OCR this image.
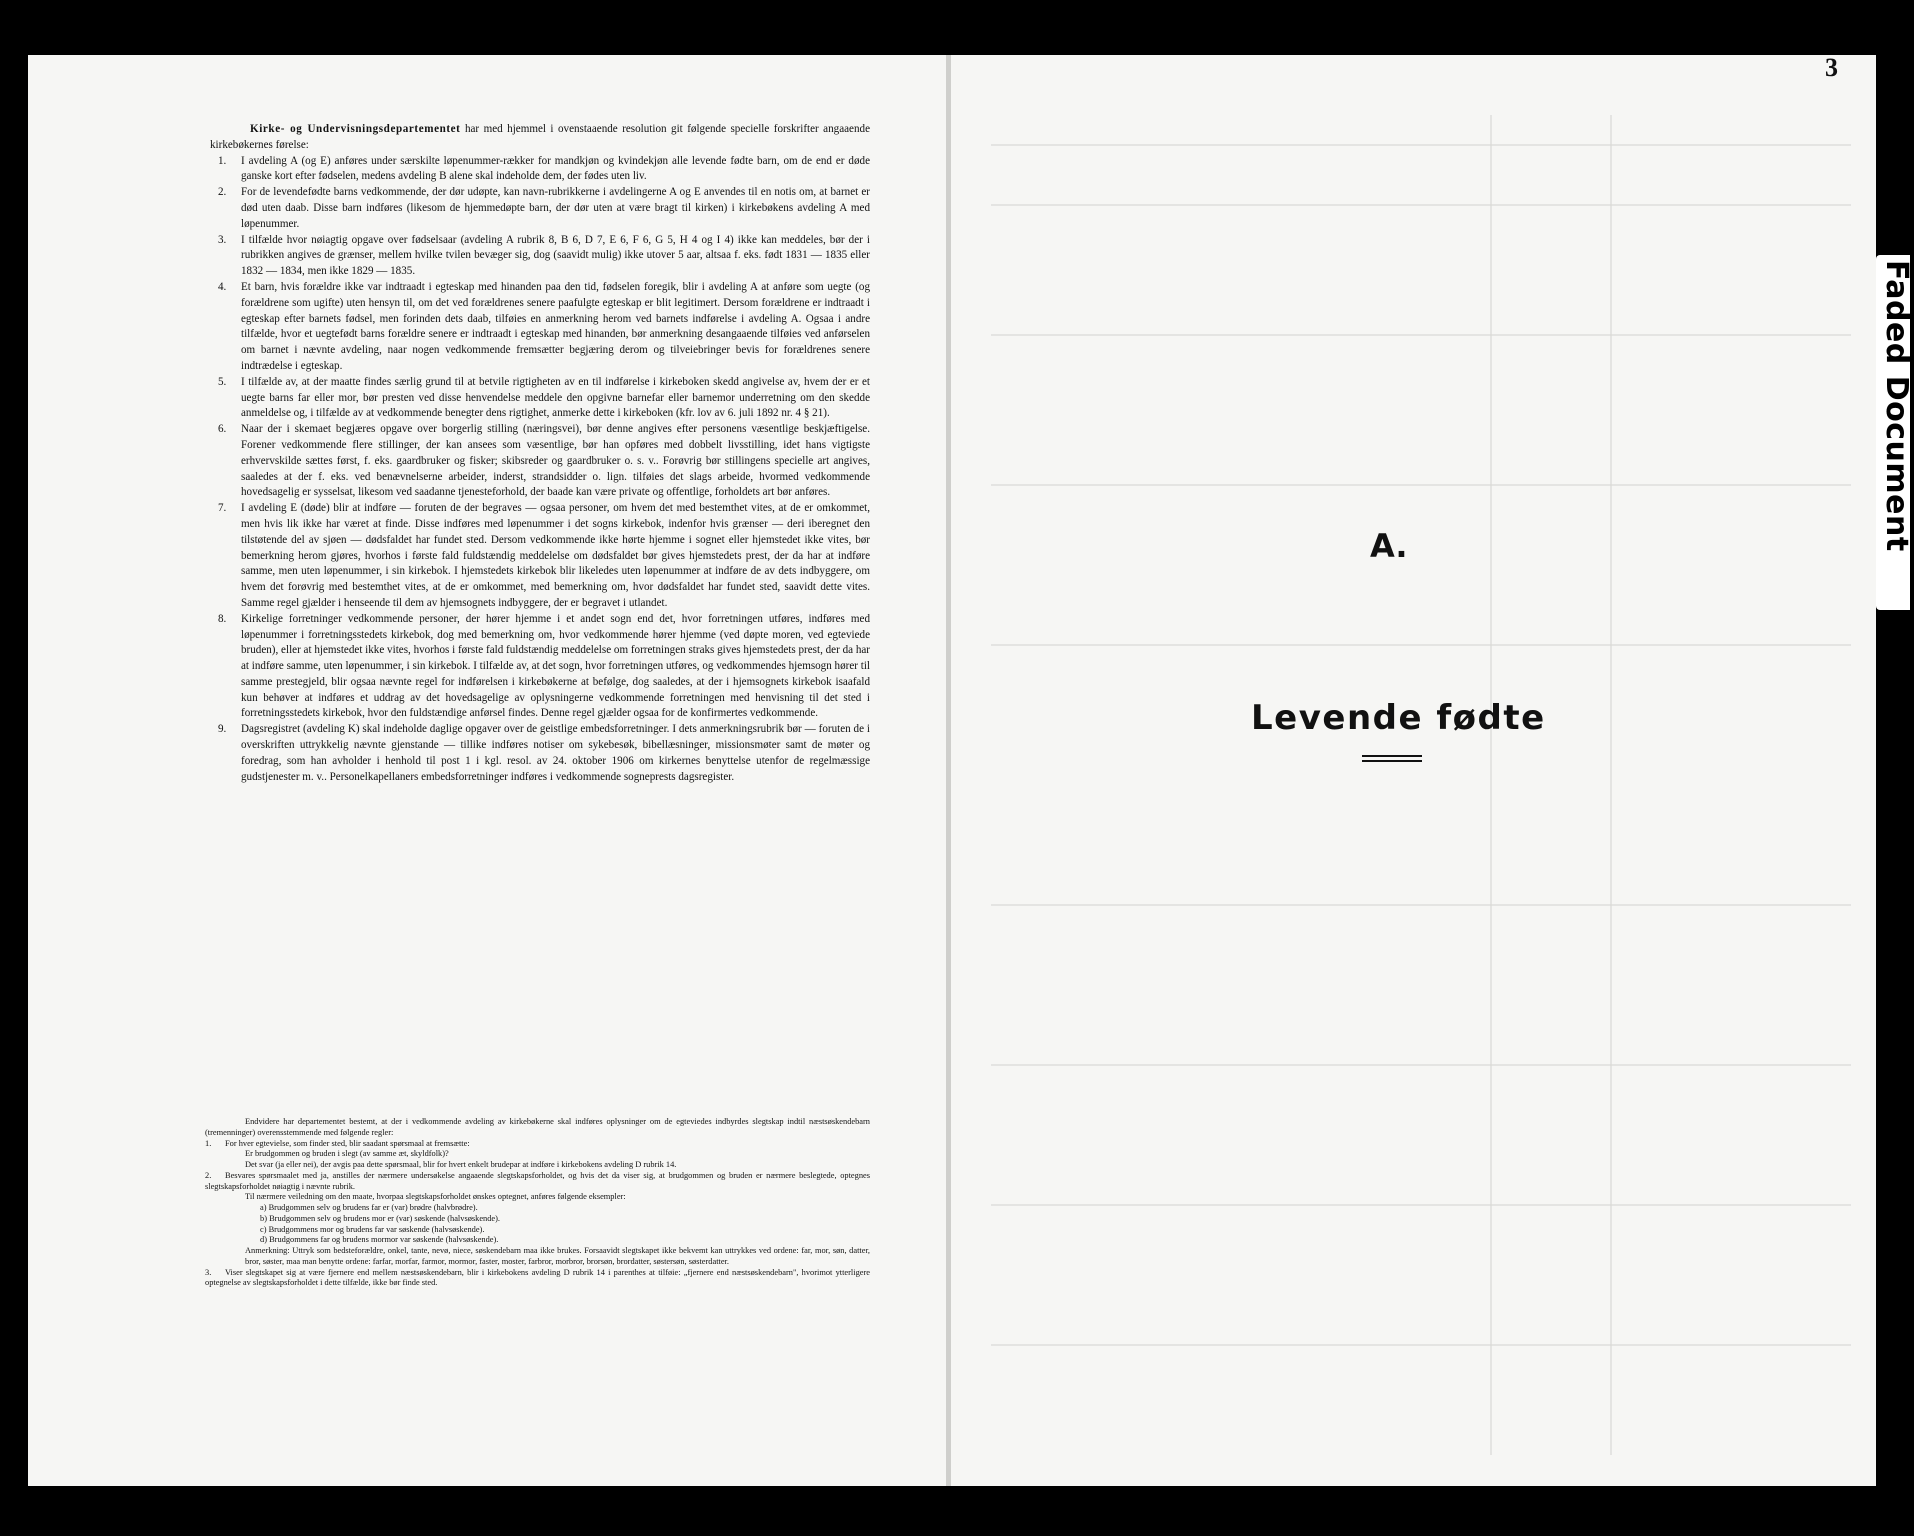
Kirke- og Undervisningsdepartementet har med hjemmel i ovenstaaende resolution git følgende specielle forskrifter angaaende kirkebøkernes førelse:

1. I avdeling A (og E) anføres under særskilte løpenummer-rækker for mandkjøn og kvindekjøn alle levende fødte barn, om de end er døde ganske kort efter fødselen, medens avdeling B alene skal indeholde dem, der fødes uten liv.
2. For de levendefødte barns vedkommende, der dør udøpte, kan navn-rubrikkerne i avdelingerne A og E anvendes til en notis om, at barnet er død uten daab. Disse barn indføres (likesom de hjemmedøpte barn, der dør uten at være bragt til kirken) i kirkebøkens avdeling A med løpenummer.
3. I tilfælde hvor nøiagtig opgave over fødselsaar (avdeling A rubrik 8, B 6, D 7, E 6, F 6, G 5, H 4 og I 4) ikke kan meddeles, bør der i rubrikken angives de grænser, mellem hvilke tvilen bevæger sig, dog (saavidt mulig) ikke utover 5 aar, altsaa f. eks. født 1831 — 1835 eller 1832 — 1834, men ikke 1829 — 1835.
4. Et barn, hvis forældre ikke var indtraadt i egteskap med hinanden paa den tid, fødselen foregik, blir i avdeling A at anføre som uegte (og forældrene som ugifte) uten hensyn til, om det ved forældrenes senere paafulgte egteskap er blit legitimert. Dersom forældrene er indtraadt i egteskap efter barnets fødsel, men forinden dets daab, tilføies en anmerkning herom ved barnets indførelse i avdeling A. Ogsaa i andre tilfælde, hvor et uegtefødt barns forældre senere er indtraadt i egteskap med hinanden, bør anmerkning desangaaende tilføies ved anførselen om barnet i nævnte avdeling, naar nogen vedkommende fremsætter begjæring derom og tilveiebringer bevis for forældrenes senere indtrædelse i egteskap.
5. I tilfælde av, at der maatte findes særlig grund til at betvile rigtigheten av en til indførelse i kirkeboken skedd angivelse av, hvem der er et uegte barns far eller mor, bør presten ved disse henvendelse meddele den opgivne barnefar eller barnemor underretning om den skedde anmeldelse og, i tilfælde av at vedkommende benegter dens rigtighet, anmerke dette i kirkeboken (kfr. lov av 6. juli 1892 nr. 4 § 21).
6. Naar der i skemaet begjæres opgave over borgerlig stilling (næringsvei), bør denne angives efter personens væsentlige beskjæftigelse. Forener vedkommende flere stillinger, der kan ansees som væsentlige, bør han opføres med dobbelt livsstilling, idet hans vigtigste erhvervskilde sættes først, f. eks. gaardbruker og fisker; skibsreder og gaardbruker o. s. v.. Forøvrig bør stillingens specielle art angives, saaledes at der f. eks. ved benævnelserne arbeider, inderst, strandsidder o. lign. tilføies det slags arbeide, hvormed vedkommende hovedsagelig er sysselsat, likesom ved saadanne tjenesteforhold, der baade kan være private og offentlige, forholdets art bør anføres.
7. I avdeling E (døde) blir at indføre — foruten de der begraves — ogsaa personer, om hvem det med bestemthet vites, at de er omkommet, men hvis lik ikke har været at finde. Disse indføres med løpenummer i det sogns kirkebok, indenfor hvis grænser — deri iberegnet den tilstøtende del av sjøen — dødsfaldet har fundet sted. Dersom vedkommende ikke hørte hjemme i sognet eller hjemstedet ikke vites, bør bemerkning herom gjøres, hvorhos i første fald fuldstændig meddelelse om dødsfaldet bør gives hjemstedets prest, der da har at indføre samme, men uten løpenummer, i sin kirkebok. I hjemstedets kirkebok blir likeledes uten løpenummer at indføre de av dets indbyggere, om hvem det forøvrig med bestemthet vites, at de er omkommet, med bemerkning om, hvor dødsfaldet har fundet sted, saavidt dette vites. Samme regel gjælder i henseende til dem av hjemsognets indbyggere, der er begravet i utlandet.
8. Kirkelige forretninger vedkommende personer, der hører hjemme i et andet sogn end det, hvor forretningen utføres, indføres med løpenummer i forretningsstedets kirkebok, dog med bemerkning om, hvor vedkommende hører hjemme (ved døpte moren, ved egteviede bruden), eller at hjemstedet ikke vites, hvorhos i første fald fuldstændig meddelelse om forretningen straks gives hjemstedets prest, der da har at indføre samme, uten løpenummer, i sin kirkebok. I tilfælde av, at det sogn, hvor forretningen utføres, og vedkommendes hjemsogn hører til samme prestegjeld, blir ogsaa nævnte regel for indførelsen i kirkebøkerne at befølge, dog saaledes, at der i hjemsognets kirkebok isaafald kun behøver at indføres et uddrag av det hovedsagelige av oplysningerne vedkommende forretningen med henvisning til det sted i forretningsstedets kirkebok, hvor den fuldstændige anførsel findes. Denne regel gjælder ogsaa for de konfirmertes vedkommende.
9. Dagsregistret (avdeling K) skal indeholde daglige opgaver over de geistlige embedsforretninger. I dets anmerkningsrubrik bør — foruten de i overskriften uttrykkelig nævnte gjenstande — tillike indføres notiser om sykebesøk, bibellæsninger, missionsmøter samt de møter og foredrag, som han avholder i henhold til post 1 i kgl. resol. av 24. oktober 1906 om kirkernes benyttelse utenfor de regelmæssige gudstjenester m. v.. Personelkapellaners embedsforretninger indføres i vedkommende sogneprests dagsregister.

Endvidere har departementet bestemt, at der i vedkommende avdeling av kirkebøkerne skal indføres oplysninger om de egteviedes indbyrdes slegtskap indtil næstsøskendebarn (tremenninger) overensstemmende med følgende regler:

1. For hver egtevielse, som finder sted, blir saadant spørsmaal at fremsætte:

Er brudgommen og bruden i slegt (av samme æt, skyldfolk)?

Det svar (ja eller nei), der avgis paa dette spørsmaal, blir for hvert enkelt brudepar at indføre i kirkebokens avdeling D rubrik 14.

2. Besvares spørsmaalet med ja, anstilles der nærmere undersøkelse angaaende slegtskapsforholdet, og hvis det da viser sig, at brudgommen og bruden er nærmere beslegtede, optegnes slegtskapsforholdet nøiagtig i nævnte rubrik.

Til nærmere veiledning om den maate, hvorpaa slegtskapsforholdet ønskes optegnet, anføres følgende eksempler:

a) Brudgommen selv og brudens far er (var) brødre (halvbrødre).

b) Brudgommen selv og brudens mor er (var) søskende (halvsøskende).

c) Brudgommens mor og brudens far var søskende (halvsøskende).

d) Brudgommens far og brudens mormor var søskende (halvsøskende).

Anmerkning: Uttryk som bedsteforældre, onkel, tante, nevø, niece, søskendebarn maa ikke brukes. Forsaavidt slegtskapet ikke bekvemt kan uttrykkes ved ordene: far, mor, søn, datter, bror, søster, maa man benytte ordene: farfar, morfar, farmor, mormor, faster, moster, farbror, morbror, brorsøn, brordatter, søstersøn, søsterdatter.

3. Viser slegtskapet sig at være fjernere end mellem næstsøskendebarn, blir i kirkebokens avdeling D rubrik 14 i parenthes at tilføie: „fjernere end næstsøskendebarn", hvorimot ytterligere optegnelse av slegtskapsforholdet i dette tilfælde, ikke bør finde sted.

3
A.
Levende fødte
Faded Document
